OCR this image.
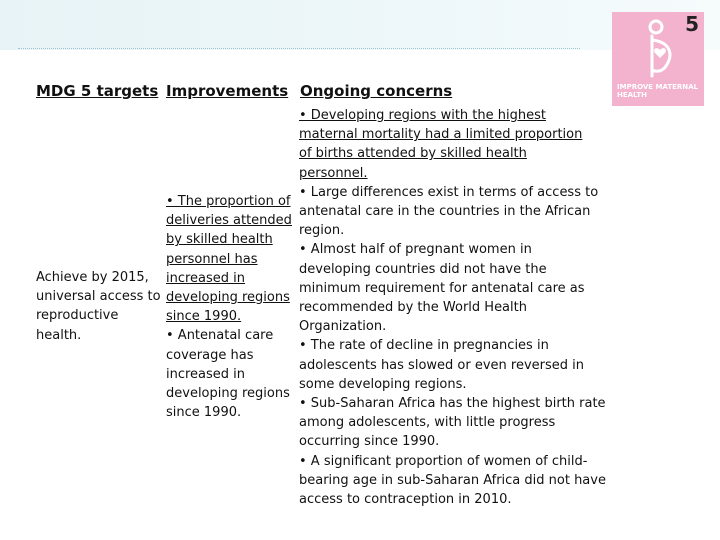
5
IMPROVE MATERNAL
HEALTH
MDG 5 targets Improvements Ongoing concerns
Achieve by 2015,
universal access to
reproductive
health.
• The proportion of
deliveries attended
by skilled health
personnel has
increased in
developing regions
since 1990.
• Antenatal care
coverage has
increased in
developing regions
since 1990.
• Developing regions with the highest
maternal mortality had a limited proportion
of births attended by skilled health
personnel.
• Large differences exist in terms of access to
antenatal care in the countries in the African
region.
• Almost half of pregnant women in
developing countries did not have the
minimum requirement for antenatal care as
recommended by the World Health
Organization.
• The rate of decline in pregnancies in
adolescents has slowed or even reversed in
some developing regions.
• Sub-Saharan Africa has the highest birth rate
among adolescents, with little progress
occurring since 1990.
• A significant proportion of women of child-
bearing age in sub-Saharan Africa did not have
access to contraception in 2010.
